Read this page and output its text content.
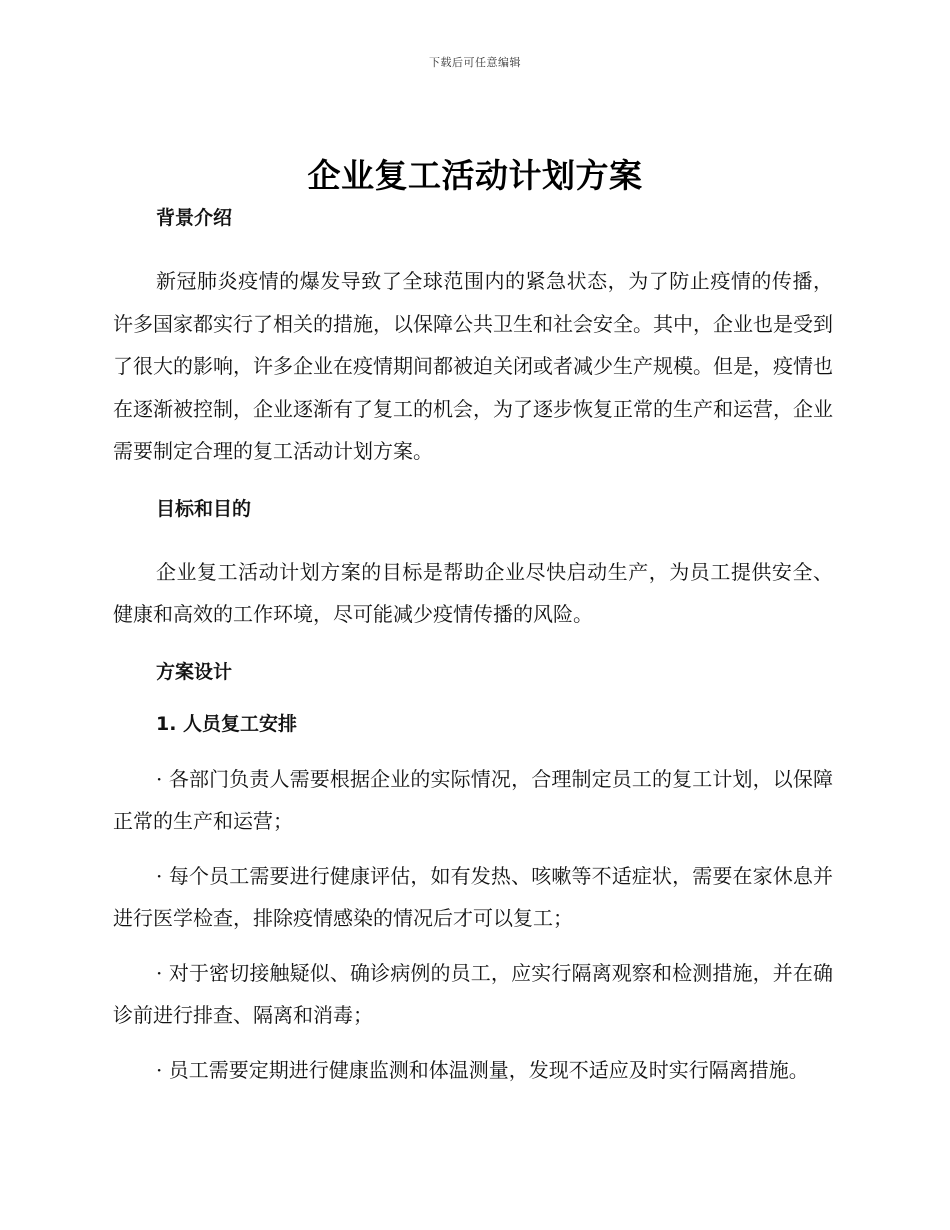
下载后可任意编辑
企业复工活动计划方案

背景介绍

新冠肺炎疫情的爆发导致了全球范围内的紧急状态，为了防止疫情的传播，许多国家都实行了相关的措施，以保障公共卫生和社会安全。其中，企业也是受到了很大的影响，许多企业在疫情期间都被迫关闭或者减少生产规模。但是，疫情也在逐渐被控制，企业逐渐有了复工的机会，为了逐步恢复正常的生产和运营，企业需要制定合理的复工活动计划方案。

目标和目的

企业复工活动计划方案的目标是帮助企业尽快启动生产，为员工提供安全、健康和高效的工作环境，尽可能减少疫情传播的风险。

方案设计

1. 人员复工安排

· 各部门负责人需要根据企业的实际情况，合理制定员工的复工计划，以保障正常的生产和运营；

· 每个员工需要进行健康评估，如有发热、咳嗽等不适症状，需要在家休息并进行医学检查，排除疫情感染的情况后才可以复工；

· 对于密切接触疑似、确诊病例的员工，应实行隔离观察和检测措施，并在确诊前进行排查、隔离和消毒；

· 员工需要定期进行健康监测和体温测量，发现不适应及时实行隔离措施。
